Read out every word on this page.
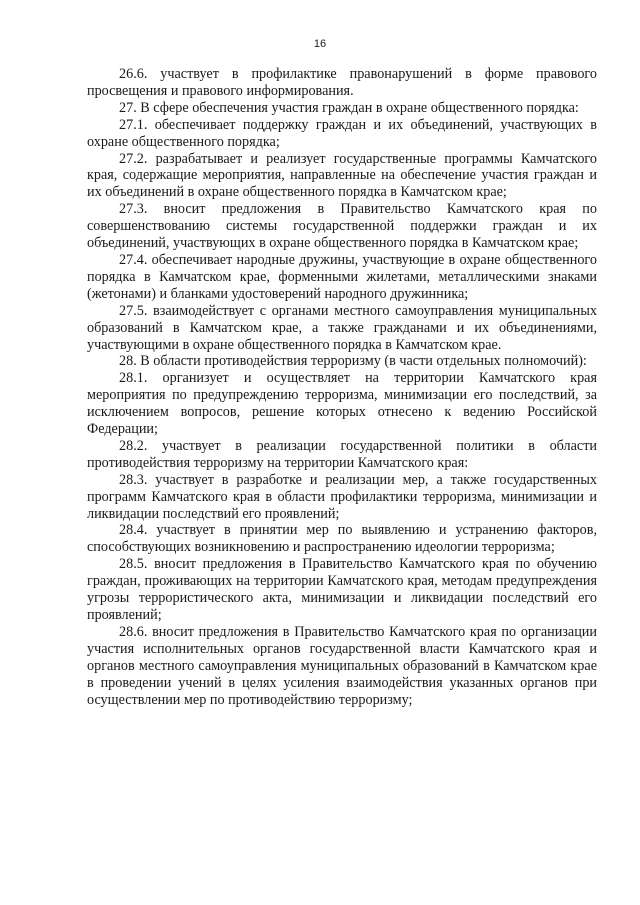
16

26.6. участвует в профилактике правонарушений в форме правового просвещения и правового информирования.

27. В сфере обеспечения участия граждан в охране общественного порядка:

27.1. обеспечивает поддержку граждан и их объединений, участвующих в охране общественного порядка;

27.2. разрабатывает и реализует государственные программы Камчатского края, содержащие мероприятия, направленные на обеспечение участия граждан и их объединений в охране общественного порядка в Камчатском крае;

27.3. вносит предложения в Правительство Камчатского края по совершенствованию системы государственной поддержки граждан и их объединений, участвующих в охране общественного порядка в Камчатском крае;

27.4. обеспечивает народные дружины, участвующие в охране общественного порядка в Камчатском крае, форменными жилетами, металлическими знаками (жетонами) и бланками удостоверений народного дружинника;

27.5. взаимодействует с органами местного самоуправления муниципальных образований в Камчатском крае, а также гражданами и их объединениями, участвующими в охране общественного порядка в Камчатском крае.

28. В области противодействия терроризму (в части отдельных полномочий):

28.1. организует и осуществляет на территории Камчатского края мероприятия по предупреждению терроризма, минимизации его последствий, за исключением вопросов, решение которых отнесено к ведению Российской Федерации;

28.2. участвует в реализации государственной политики в области противодействия терроризму на территории Камчатского края:

28.3. участвует в разработке и реализации мер, а также государственных программ Камчатского края в области профилактики терроризма, минимизации и ликвидации последствий его проявлений;

28.4. участвует в принятии мер по выявлению и устранению факторов, способствующих возникновению и распространению идеологии терроризма;

28.5. вносит предложения в Правительство Камчатского края по обучению граждан, проживающих на территории Камчатского края, методам предупреждения угрозы террористического акта, минимизации и ликвидации последствий его проявлений;

28.6. вносит предложения в Правительство Камчатского края по организации участия исполнительных органов государственной власти Камчатского края и органов местного самоуправления муниципальных образований в Камчатском крае в проведении учений в целях усиления взаимодействия указанных органов при осуществлении мер по противодействию терроризму;
